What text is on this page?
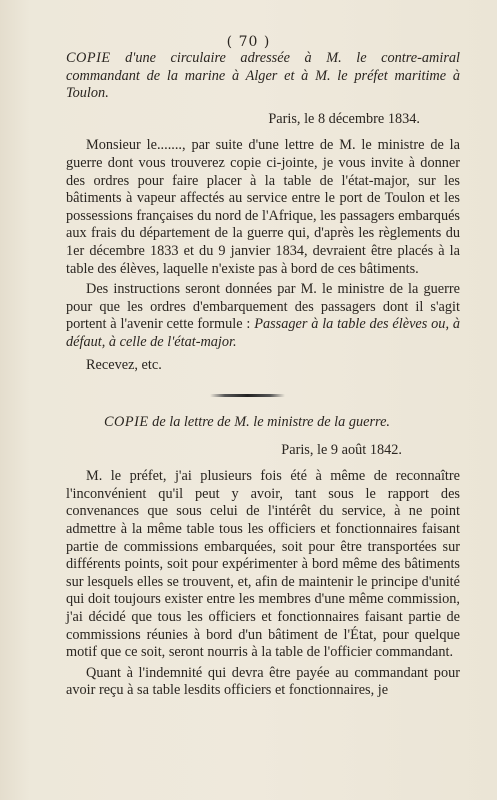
( 70 )
COPIE d'une circulaire adressée à M. le contre-amiral commandant de la marine à Alger et à M. le préfet maritime à Toulon.
Paris, le 8 décembre 1834.

Monsieur le......., par suite d'une lettre de M. le ministre de la guerre dont vous trouverez copie ci-jointe, je vous invite à donner des ordres pour faire placer à la table de l'état-major, sur les bâtiments à vapeur affectés au service entre le port de Toulon et les possessions françaises du nord de l'Afrique, les passagers embarqués aux frais du département de la guerre qui, d'après les règlements du 1er décembre 1833 et du 9 janvier 1834, devraient être placés à la table des élèves, laquelle n'existe pas à bord de ces bâtiments.

Des instructions seront données par M. le ministre de la guerre pour que les ordres d'embarquement des passagers dont il s'agit portent à l'avenir cette formule : Passager à la table des élèves ou, à défaut, à celle de l'état-major.

Recevez, etc.

COPIE de la lettre de M. le ministre de la guerre.
Paris, le 9 août 1842.

M. le préfet, j'ai plusieurs fois été à même de reconnaître l'inconvénient qu'il peut y avoir, tant sous le rapport des convenances que sous celui de l'intérêt du service, à ne point admettre à la même table tous les officiers et fonctionnaires faisant partie de commissions embarquées, soit pour être transportées sur différents points, soit pour expérimenter à bord même des bâtiments sur lesquels elles se trouvent, et, afin de maintenir le principe d'unité qui doit toujours exister entre les membres d'une même commission, j'ai décidé que tous les officiers et fonctionnaires faisant partie de commissions réunies à bord d'un bâtiment de l'État, pour quelque motif que ce soit, seront nourris à la table de l'officier commandant.

Quant à l'indemnité qui devra être payée au commandant pour avoir reçu à sa table lesdits officiers et fonctionnaires, je
